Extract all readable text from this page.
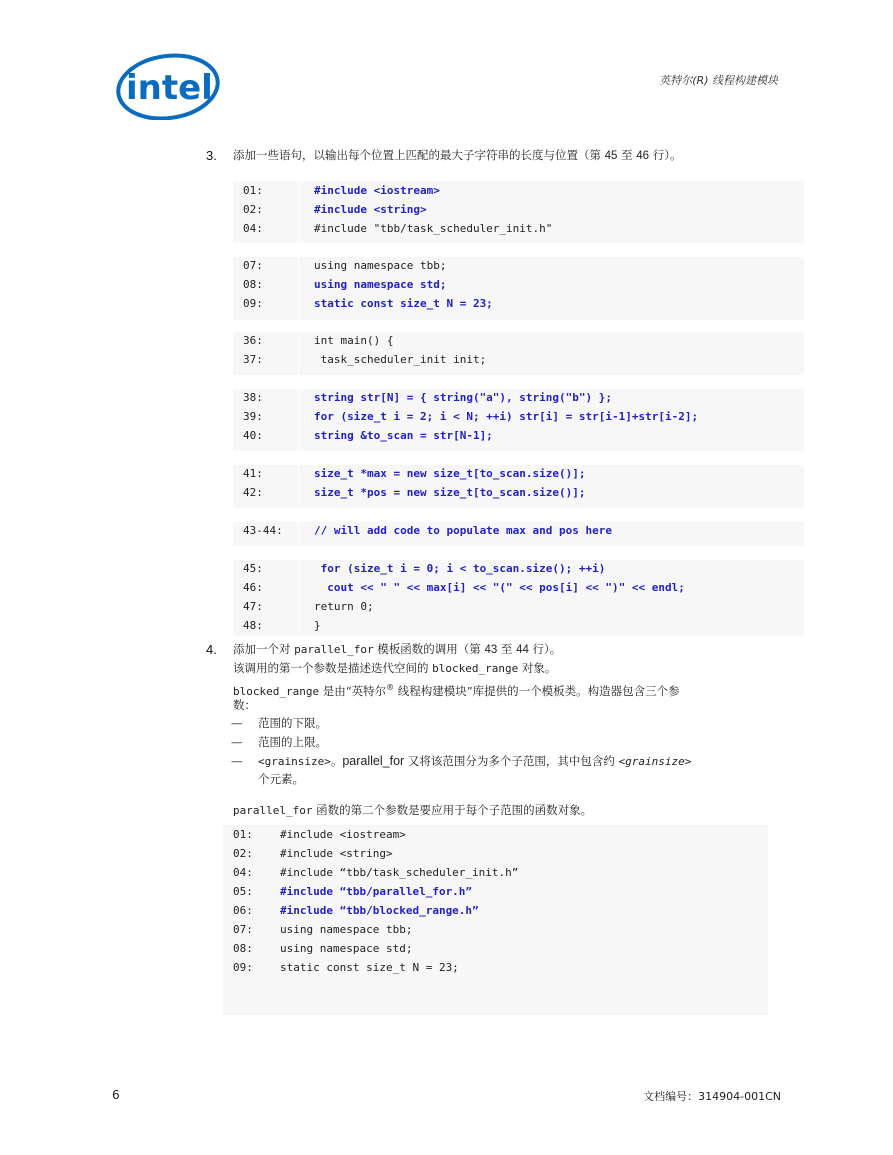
intel	英特尔(R) 线程构建模块
3. 添加一些语句，以输出每个位置上匹配的最大子字符串的长度与位置（第 45 至 46 行）。
01:	#include <iostream>
02:	#include <string>
04:	#include "tbb/task_scheduler_init.h"
07:	using namespace tbb;
08:	using namespace std;
09:	static const size_t N = 23;
36:	int main() {
37:	task_scheduler_init init;
38:	string str[N] = { string("a"), string("b") };
39:	for (size_t i = 2; i < N; ++i) str[i] = str[i-1]+str[i-2];
40:	string &to_scan = str[N-1];
41:	size_t *max = new size_t[to_scan.size()];
42:	size_t *pos = new size_t[to_scan.size()];
43-44:	// will add code to populate max and pos here
45:	for (size_t i = 0; i < to_scan.size(); ++i)
46:	cout << " " << max[i] << "(" << pos[i] << ")" << endl;
47:	return 0;
48:	}
4. 添加一个对 parallel_for 模板函数的调用（第 43 至 44 行）。
该调用的第一个参数是描述迭代空间的 blocked_range 对象。
blocked_range 是由“英特尔® 线程构建模块”库提供的一个模板类。构造器包含三个参
数：
— 范围的下限。
— 范围的上限。
— <grainsize>。parallel_for 又将该范围分为多个子范围，其中包含约 <grainsize>
个元素。
parallel_for 函数的第二个参数是要应用于每个子范围的函数对象。
01: #include <iostream>
02: #include <string>
04: #include “tbb/task_scheduler_init.h”
05: #include “tbb/parallel_for.h”
06: #include “tbb/blocked_range.h”
07: using namespace tbb;
08: using namespace std;
09: static const size_t N = 23;
6	文档编号：314904-001CN
